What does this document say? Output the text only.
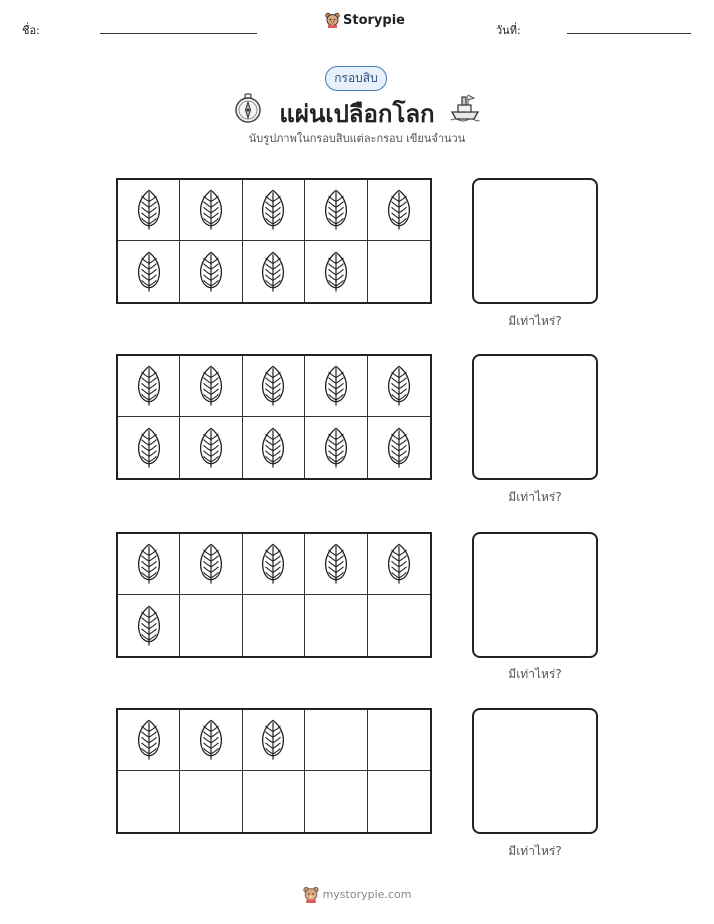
ชื่อ:
Storypie
วันที่:
กรอบสิบ
แผ่นเปลือกโลก
นับรูปภาพในกรอบสิบแต่ละกรอบ เขียนจำนวน
มีเท่าไหร่?
มีเท่าไหร่?
มีเท่าไหร่?
มีเท่าไหร่?
mystorypie.com
